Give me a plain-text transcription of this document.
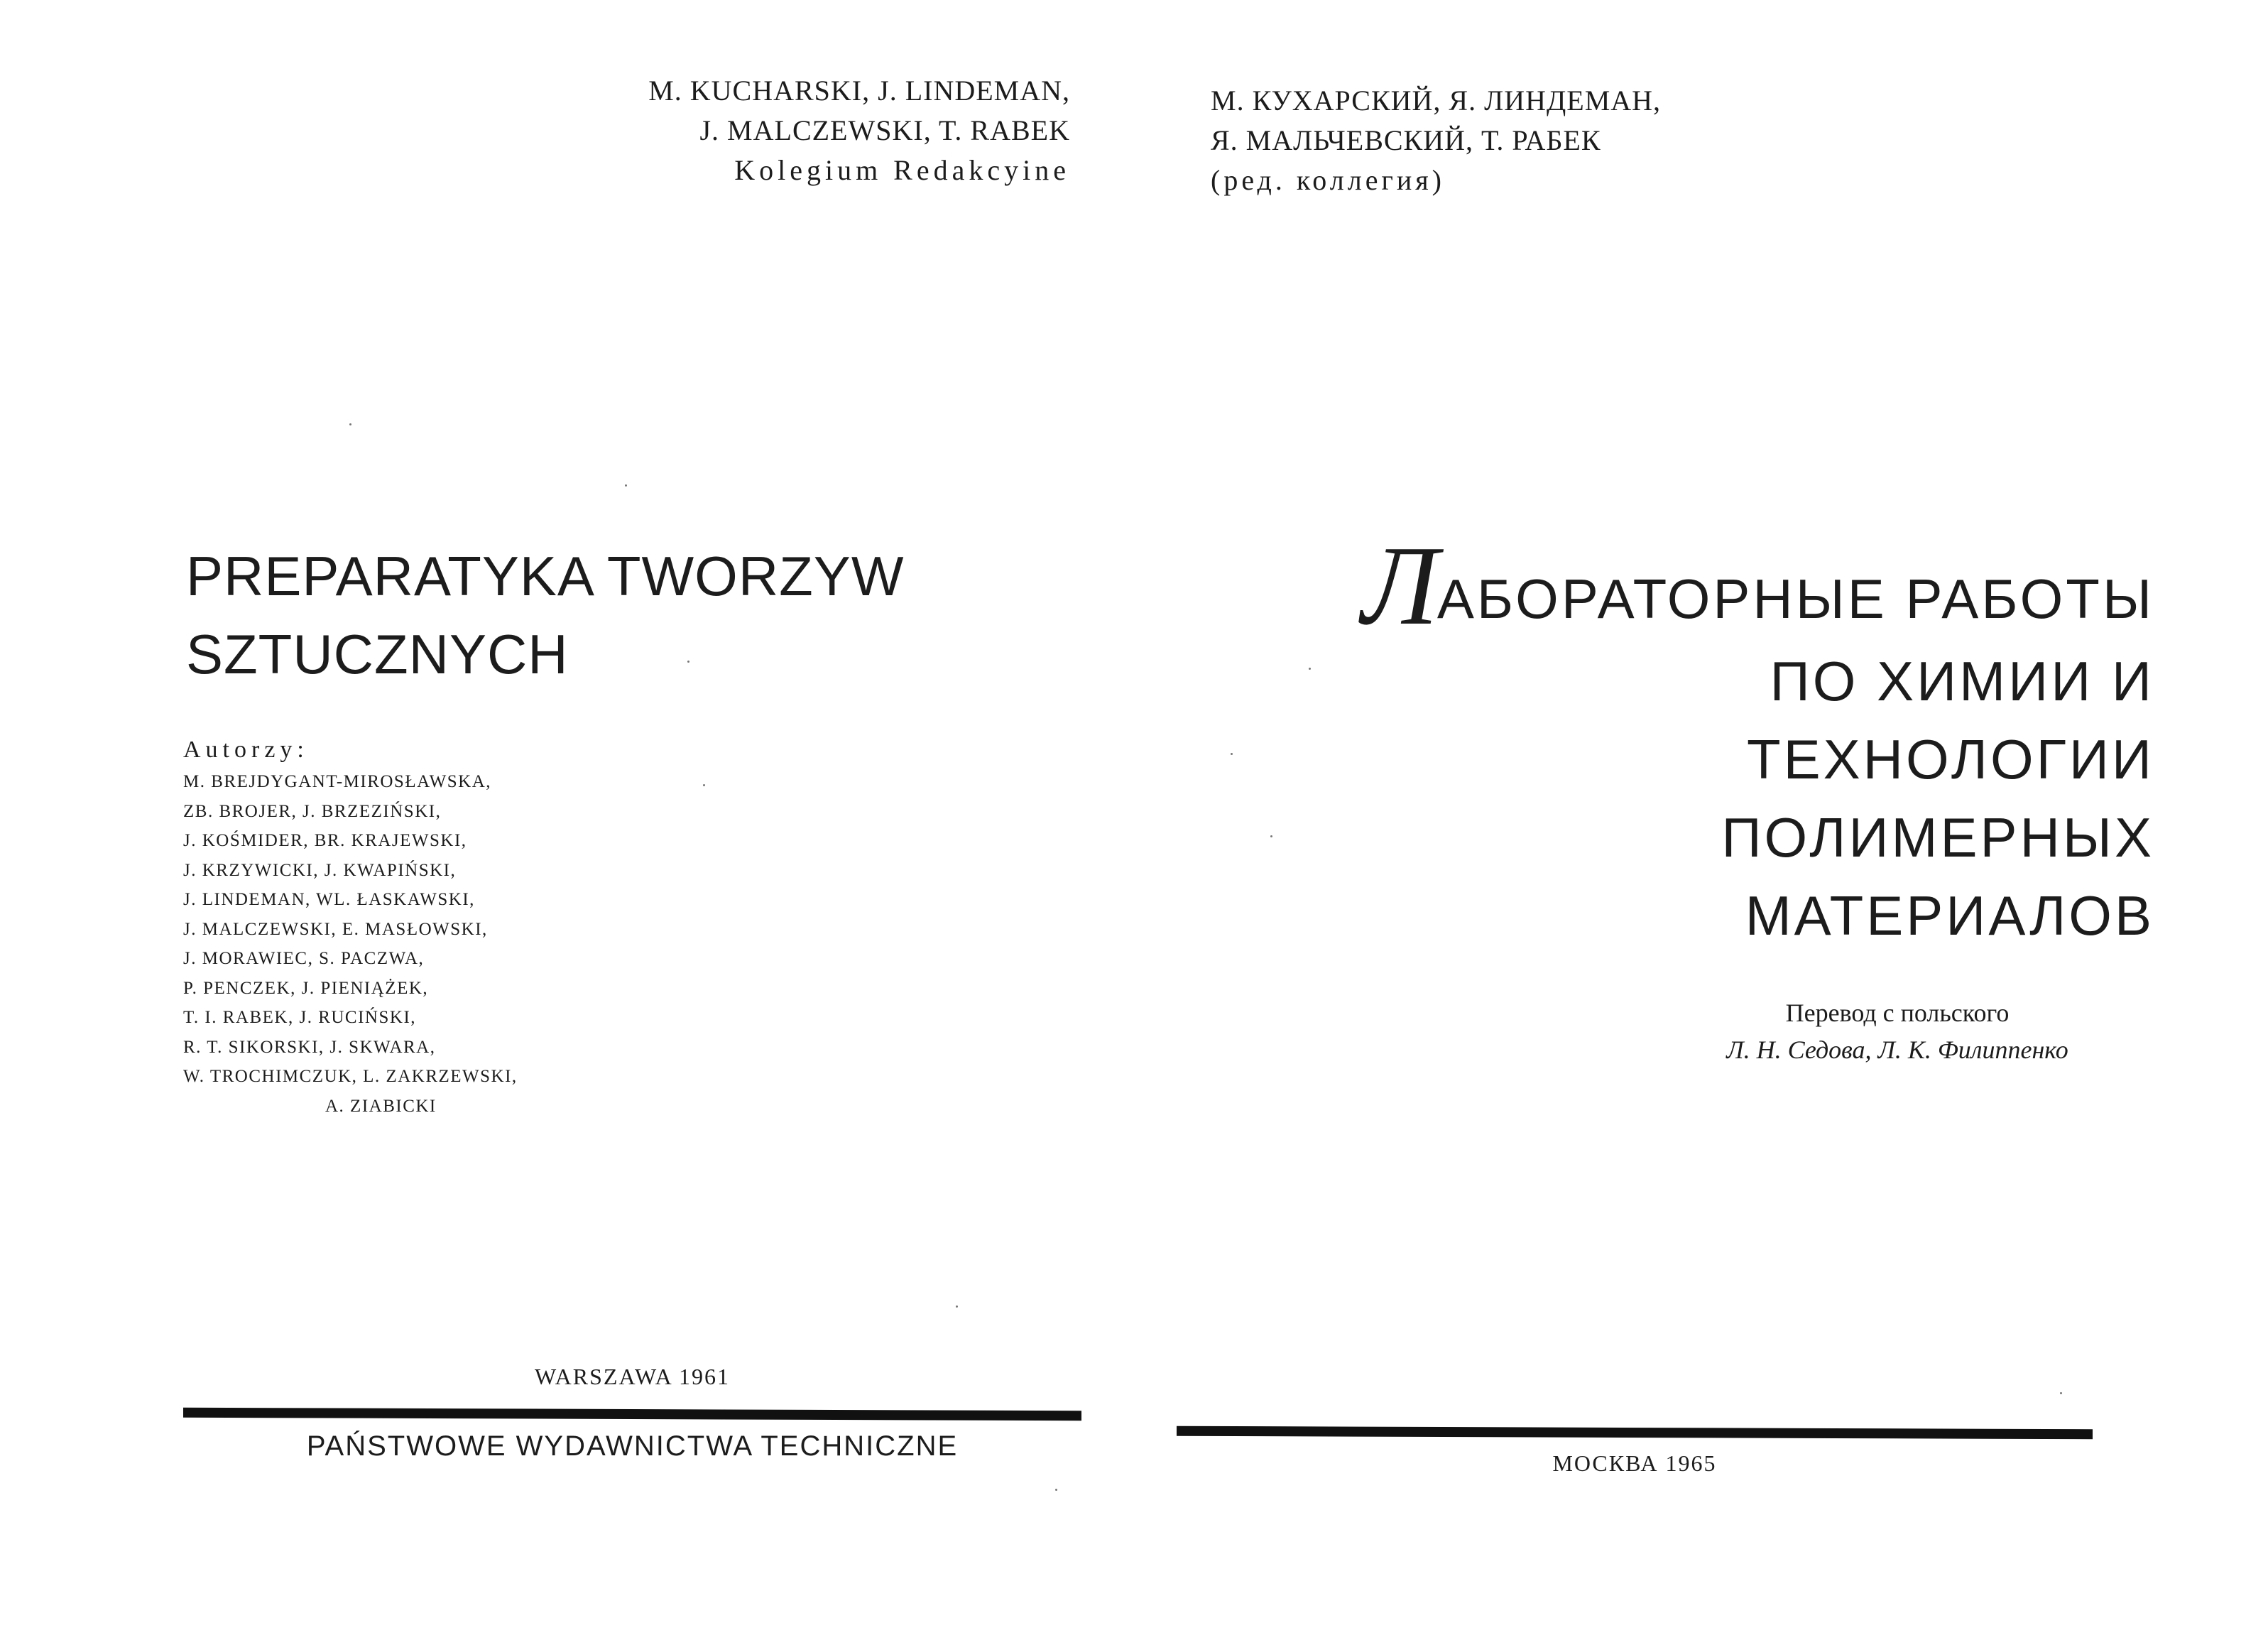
M. KUCHARSKI, J. LINDEMAN,
J. MALCZEWSKI, T. RABEK
Kolegium Redakcyine
PREPARATYKA TWORZYW
SZTUCZNYCH
Autorzy:
M. BREJDYGANT-MIROSŁAWSKA,
ZB. BROJER, J. BRZEZIŃSKI,
J. KOŚMIDER, BR. KRAJEWSKI,
J. KRZYWICKI, J. KWAPIŃSKI,
J. LINDEMAN, WL. ŁASKAWSKI,
J. MALCZEWSKI, E. MASŁOWSKI,
J. MORAWIEC, S. PACZWA,
P. PENCZEK, J. PIENIĄŻEK,
T. I. RABEK, J. RUCIŃSKI,
R. T. SIKORSKI, J. SKWARA,
W. TROCHIMCZUK, L. ZAKRZEWSKI,
A. ZIABICKI
WARSZAWA 1961
PAŃSTWOWE WYDAWNICTWA TECHNICZNE
М. КУХАРСКИЙ, Я. ЛИНДЕМАН,
Я. МАЛЬЧЕВСКИЙ, Т. РАБЕК
(ред. коллегия)
ЛАБОРАТОРНЫЕ РАБОТЫ
ПО ХИМИИ И
ТЕХНОЛОГИИ
ПОЛИМЕРНЫХ
МАТЕРИАЛОВ
Перевод с польского
Л. Н. Седова, Л. К. Филиппенко
МОСКВА 1965
